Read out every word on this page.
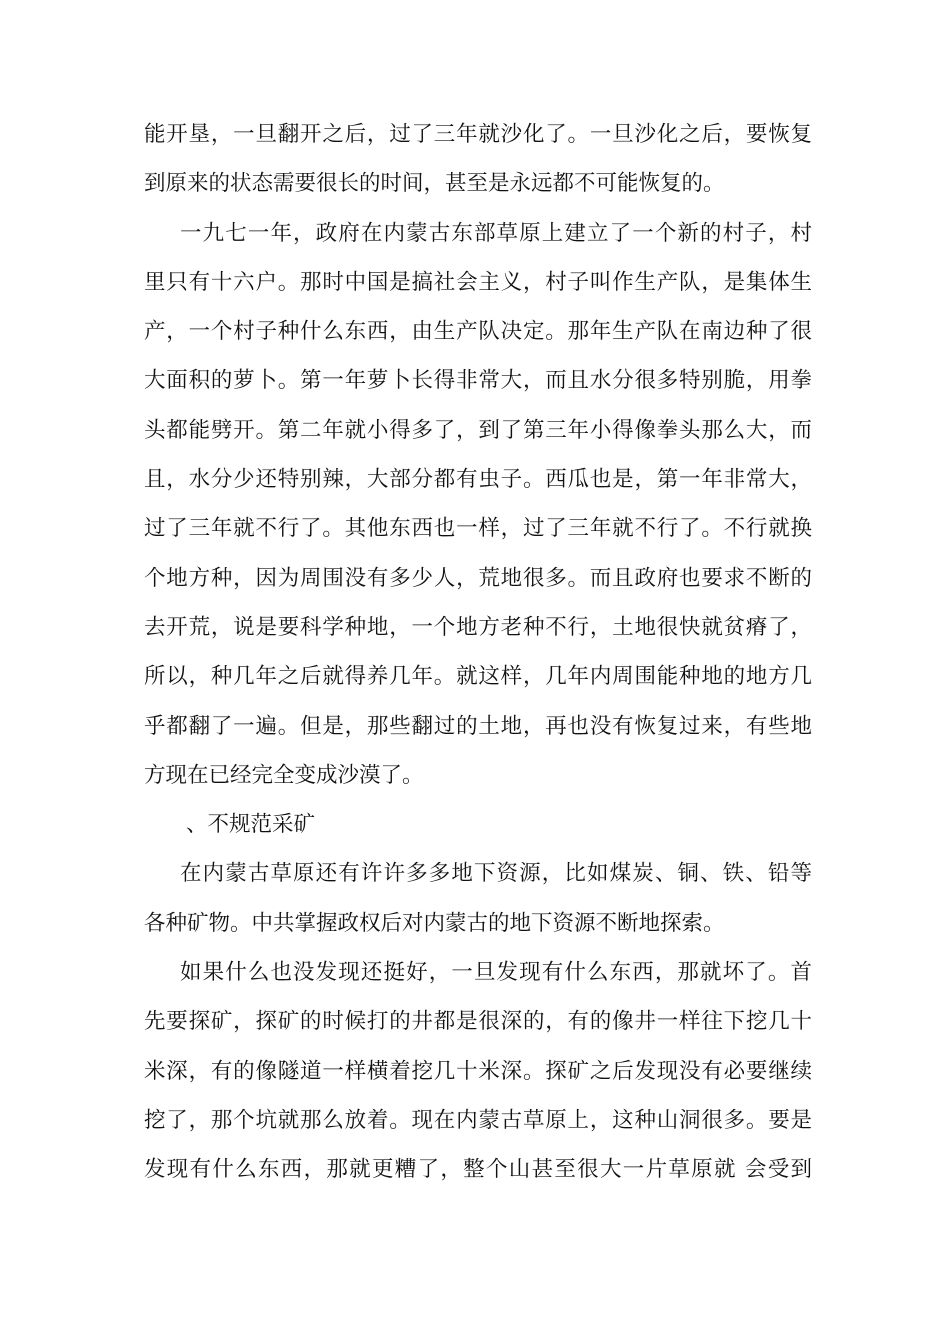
能开垦，一旦翻开之后，过了三年就沙化了。一旦沙化之后，要恢复
到原来的状态需要很长的时间，甚至是永远都不可能恢复的。
一九七一年，政府在内蒙古东部草原上建立了一个新的村子，村
里只有十六户。那时中国是搞社会主义，村子叫作生产队，是集体生
产，一个村子种什么东西，由生产队决定。那年生产队在南边种了很
大面积的萝卜。第一年萝卜长得非常大，而且水分很多特别脆，用拳
头都能劈开。第二年就小得多了，到了第三年小得像拳头那么大，而
且，水分少还特别辣，大部分都有虫子。西瓜也是，第一年非常大，
过了三年就不行了。其他东西也一样，过了三年就不行了。不行就换
个地方种，因为周围没有多少人，荒地很多。而且政府也要求不断的
去开荒，说是要科学种地，一个地方老种不行，土地很快就贫瘠了，
所以，种几年之后就得养几年。就这样，几年内周围能种地的地方几
乎都翻了一遍。但是，那些翻过的土地，再也没有恢复过来，有些地
方现在已经完全变成沙漠了。
、不规范采矿
在内蒙古草原还有许许多多地下资源，比如煤炭、铜、铁、铅等
各种矿物。中共掌握政权后对内蒙古的地下资源不断地探索。
如果什么也没发现还挺好，一旦发现有什么东西，那就坏了。首
先要探矿，探矿的时候打的井都是很深的，有的像井一样往下挖几十
米深，有的像隧道一样横着挖几十米深。探矿之后发现没有必要继续
挖了，那个坑就那么放着。现在内蒙古草原上，这种山洞很多。要是
发现有什么东西，那就更糟了，整个山甚至很大一片草原就 会受到
